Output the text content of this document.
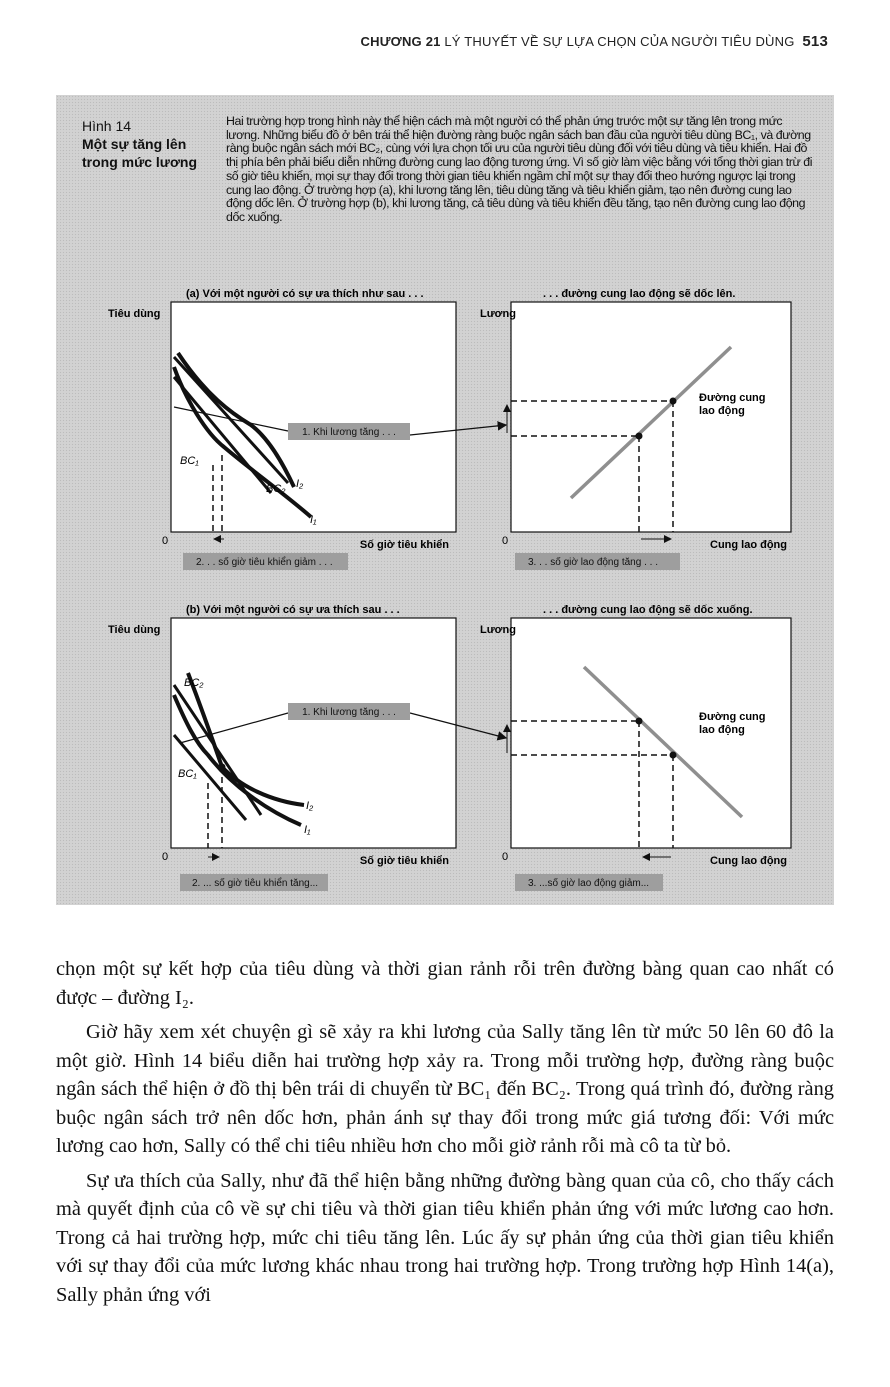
CHƯƠNG 21 LÝ THUYẾT VỀ SỰ LỰA CHỌN CỦA NGƯỜI TIÊU DÙNG 513
Hình 14
Một sự tăng lên trong mức lương
Hai trường hợp trong hình này thể hiện cách mà một người có thể phản ứng trước một sự tăng lên trong mức lương. Những biểu đồ ở bên trái thể hiện đường ràng buộc ngân sách ban đầu của người tiêu dùng BC₁, và đường ràng buộc ngân sách mới BC₂, cùng với lựa chọn tối ưu của người tiêu dùng đối với tiêu dùng và tiêu khiển. Hai đồ thị phía bên phải biểu diễn những đường cung lao động tương ứng. Vì số giờ làm việc bằng với tổng thời gian trừ đi số giờ tiêu khiển, mọi sự thay đổi trong thời gian tiêu khiển ngầm chỉ một sự thay đổi theo hướng ngược lại trong cung lao động. Ở trường hợp (a), khi lương tăng lên, tiêu dùng tăng và tiêu khiển giảm, tạo nên đường cung lao động dốc lên. Ở trường hợp (b), khi lương tăng, cả tiêu dùng và tiêu khiển đều tăng, tạo nên đường cung lao động dốc xuống.
(a) Với một người có sự ưa thích như sau . . .	. . . đường cung lao động sẽ dốc lên.
Tiêu dùng
Số giờ tiêu khiển
0
BC₁
BC₂ I₂
I₁
1. Khi lương tăng . . .
2. . . số giờ tiêu khiển giảm . . .
Lương
Cung lao động
0
Đường cung lao động
3. . . số giờ lao động tăng . . .
(b) Với một người có sự ưa thích sau . . .	. . . đường cung lao động sẽ dốc xuống.
Tiêu dùng
Số giờ tiêu khiển
0
BC₂
BC₁
I₂
I₁
1. Khi lương tăng . . .
2. ... số giờ tiêu khiển tăng...
Lương
Cung lao động
0
Đường cung lao động
3. ...số giờ lao động giảm...

chọn một sự kết hợp của tiêu dùng và thời gian rảnh rỗi trên đường bàng quan cao nhất có được – đường I₂.

Giờ hãy xem xét chuyện gì sẽ xảy ra khi lương của Sally tăng lên từ mức 50 lên 60 đô la một giờ. Hình 14 biểu diễn hai trường hợp xảy ra. Trong mỗi trường hợp, đường ràng buộc ngân sách thể hiện ở đồ thị bên trái di chuyển từ BC₁ đến BC₂. Trong quá trình đó, đường ràng buộc ngân sách trở nên dốc hơn, phản ánh sự thay đổi trong mức giá tương đối: Với mức lương cao hơn, Sally có thể chi tiêu nhiều hơn cho mỗi giờ rảnh rỗi mà cô ta từ bỏ.

Sự ưa thích của Sally, như đã thể hiện bằng những đường bàng quan của cô, cho thấy cách mà quyết định của cô về sự chi tiêu và thời gian tiêu khiển phản ứng với mức lương cao hơn. Trong cả hai trường hợp, mức chi tiêu tăng lên. Lúc ấy sự phản ứng của thời gian tiêu khiển với sự thay đổi của mức lương khác nhau trong hai trường hợp. Trong trường hợp Hình 14(a), Sally phản ứng với
